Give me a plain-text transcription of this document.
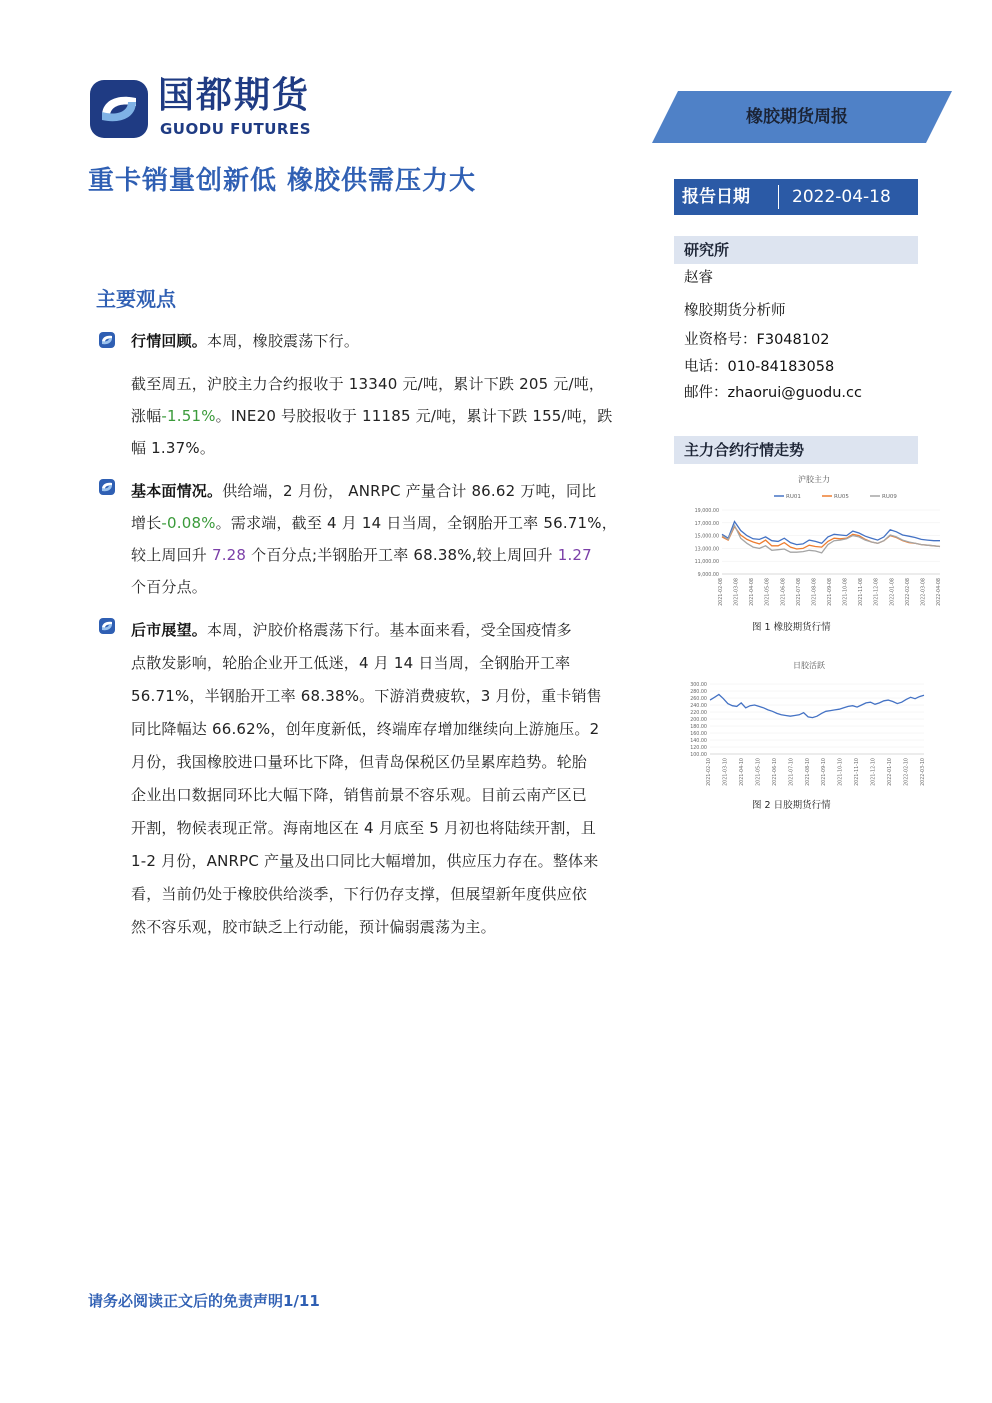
国都期货
GUODU FUTURES
橡胶期货周报
重卡销量创新低 橡胶供需压力大
报告日期 2022-04-18
研究所
赵睿
橡胶期货分析师
业资格号：F3048102
电话：010-84183058
邮件：zhaorui@guodu.cc
主力合约行情走势
沪胶主力
19,000.00
17,000.00
15,000.00
13,000.00
11,000.00
9,000.00
2021-02-08 2021-03-08 2021-04-08 2021-05-08 2021-06-08 2021-07-08 2021-08-08 2021-09-08 2021-10-08 2021-11-08 2021-12-08 2022-01-08 2022-02-08 2022-03-08 2022-04-08
RU01	RU05	RU09
图 1 橡胶期货行情
日胶活跃
300.00
280.00
260.00
240.00
220.00
200.00
180.00
160.00
140.00
120.00
100.00
2021-02-10 2021-03-10 2021-04-10 2021-05-10 2021-06-10 2021-07-10 2021-08-10 2021-09-10 2021-10-10 2021-11-10 2021-12-10 2022-01-10 2022-02-10 2022-03-10
图 2 日胶期货行情
主要观点
行情回顾。本周，橡胶震荡下行。
截至周五，沪胶主力合约报收于 13340 元/吨，累计下跌 205 元/吨，
涨幅-1.51%。INE20 号胶报收于 11185 元/吨，累计下跌 155/吨，跌
幅 1.37%。
基本面情况。供给端，2 月份， ANRPC 产量合计 86.62 万吨，同比
增长-0.08%。需求端，截至 4 月 14 日当周，全钢胎开工率 56.71%，
较上周回升 7.28 个百分点;半钢胎开工率 68.38%,较上周回升 1.27
个百分点。
后市展望。本周，沪胶价格震荡下行。基本面来看，受全国疫情多
点散发影响，轮胎企业开工低迷，4 月 14 日当周，全钢胎开工率
56.71%，半钢胎开工率 68.38%。下游消费疲软，3 月份，重卡销售
同比降幅达 66.62%，创年度新低，终端库存增加继续向上游施压。2
月份，我国橡胶进口量环比下降，但青岛保税区仍呈累库趋势。轮胎
企业出口数据同环比大幅下降，销售前景不容乐观。目前云南产区已
开割，物候表现正常。海南地区在 4 月底至 5 月初也将陆续开割，且
1-2 月份，ANRPC 产量及出口同比大幅增加，供应压力存在。整体来
看，当前仍处于橡胶供给淡季，下行仍存支撑，但展望新年度供应依
然不容乐观，胶市缺乏上行动能，预计偏弱震荡为主。
请务必阅读正文后的免责声明1/11
